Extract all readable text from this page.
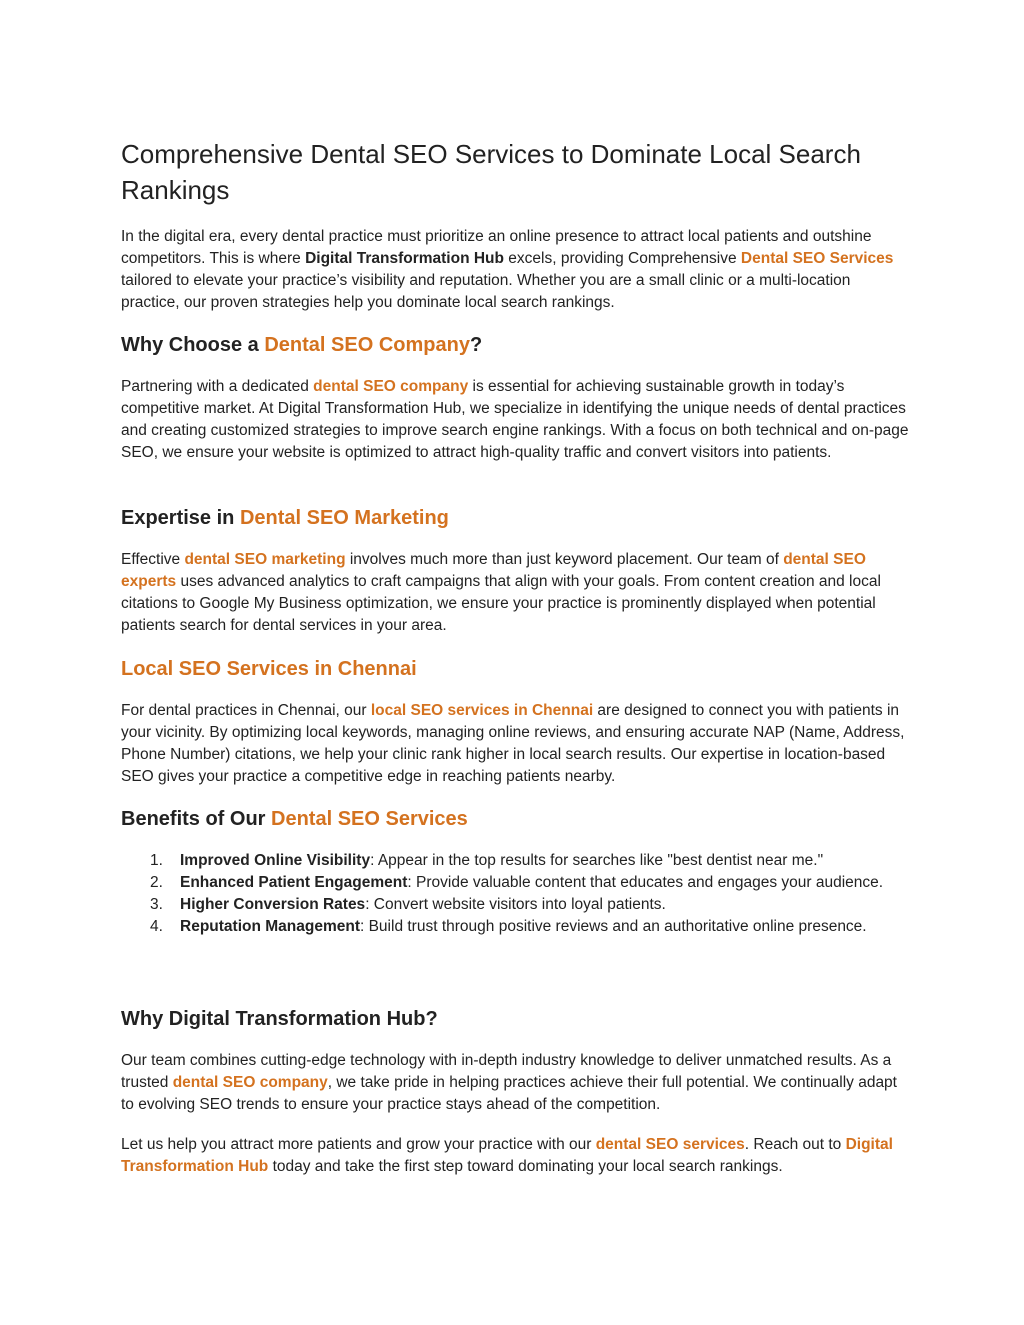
Comprehensive Dental SEO Services to Dominate Local Search Rankings

In the digital era, every dental practice must prioritize an online presence to attract local patients and outshine competitors. This is where Digital Transformation Hub excels, providing Comprehensive Dental SEO Services tailored to elevate your practice’s visibility and reputation. Whether you are a small clinic or a multi-location practice, our proven strategies help you dominate local search rankings.

Why Choose a Dental SEO Company?

Partnering with a dedicated dental SEO company is essential for achieving sustainable growth in today’s competitive market. At Digital Transformation Hub, we specialize in identifying the unique needs of dental practices and creating customized strategies to improve search engine rankings. With a focus on both technical and on-page SEO, we ensure your website is optimized to attract high-quality traffic and convert visitors into patients.

Expertise in Dental SEO Marketing

Effective dental SEO marketing involves much more than just keyword placement. Our team of dental SEO experts uses advanced analytics to craft campaigns that align with your goals. From content creation and local citations to Google My Business optimization, we ensure your practice is prominently displayed when potential patients search for dental services in your area.

Local SEO Services in Chennai

For dental practices in Chennai, our local SEO services in Chennai are designed to connect you with patients in your vicinity. By optimizing local keywords, managing online reviews, and ensuring accurate NAP (Name, Address, Phone Number) citations, we help your clinic rank higher in local search results. Our expertise in location-based SEO gives your practice a competitive edge in reaching patients nearby.

Benefits of Our Dental SEO Services
1. Improved Online Visibility: Appear in the top results for searches like "best dentist near me."
2. Enhanced Patient Engagement: Provide valuable content that educates and engages your audience.
3. Higher Conversion Rates: Convert website visitors into loyal patients.
4. Reputation Management: Build trust through positive reviews and an authoritative online presence.
Why Digital Transformation Hub?

Our team combines cutting-edge technology with in-depth industry knowledge to deliver unmatched results. As a trusted dental SEO company, we take pride in helping practices achieve their full potential. We continually adapt to evolving SEO trends to ensure your practice stays ahead of the competition.

Let us help you attract more patients and grow your practice with our dental SEO services. Reach out to Digital Transformation Hub today and take the first step toward dominating your local search rankings.
